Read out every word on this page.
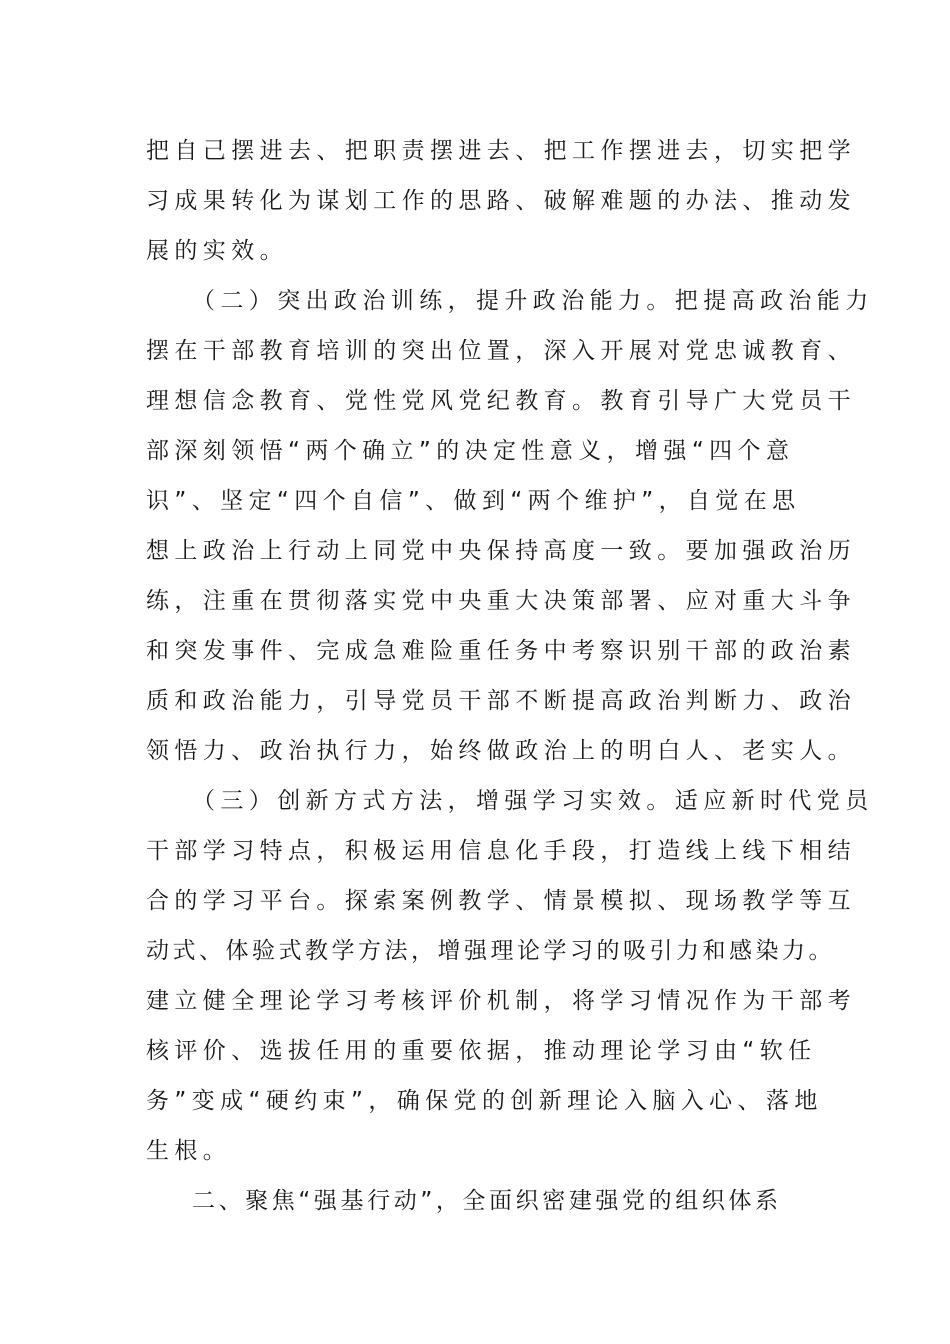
把自己摆进去、把职责摆进去、把工作摆进去，切实把学
习成果转化为谋划工作的思路、破解难题的办法、推动发
展的实效。
（二）突出政治训练，提升政治能力。把提高政治能力
摆在干部教育培训的突出位置，深入开展对党忠诚教育、
理想信念教育、党性党风党纪教育。教育引导广大党员干
部深刻领悟“两个确立”的决定性意义，增强“四个意
识”、坚定“四个自信”、做到“两个维护”，自觉在思
想上政治上行动上同党中央保持高度一致。要加强政治历
练，注重在贯彻落实党中央重大决策部署、应对重大斗争
和突发事件、完成急难险重任务中考察识别干部的政治素
质和政治能力，引导党员干部不断提高政治判断力、政治
领悟力、政治执行力，始终做政治上的明白人、老实人。
（三）创新方式方法，增强学习实效。适应新时代党员
干部学习特点，积极运用信息化手段，打造线上线下相结
合的学习平台。探索案例教学、情景模拟、现场教学等互
动式、体验式教学方法，增强理论学习的吸引力和感染力。
建立健全理论学习考核评价机制，将学习情况作为干部考
核评价、选拔任用的重要依据，推动理论学习由“软任
务”变成“硬约束”，确保党的创新理论入脑入心、落地
生根。
二、聚焦“强基行动”，全面织密建强党的组织体系
